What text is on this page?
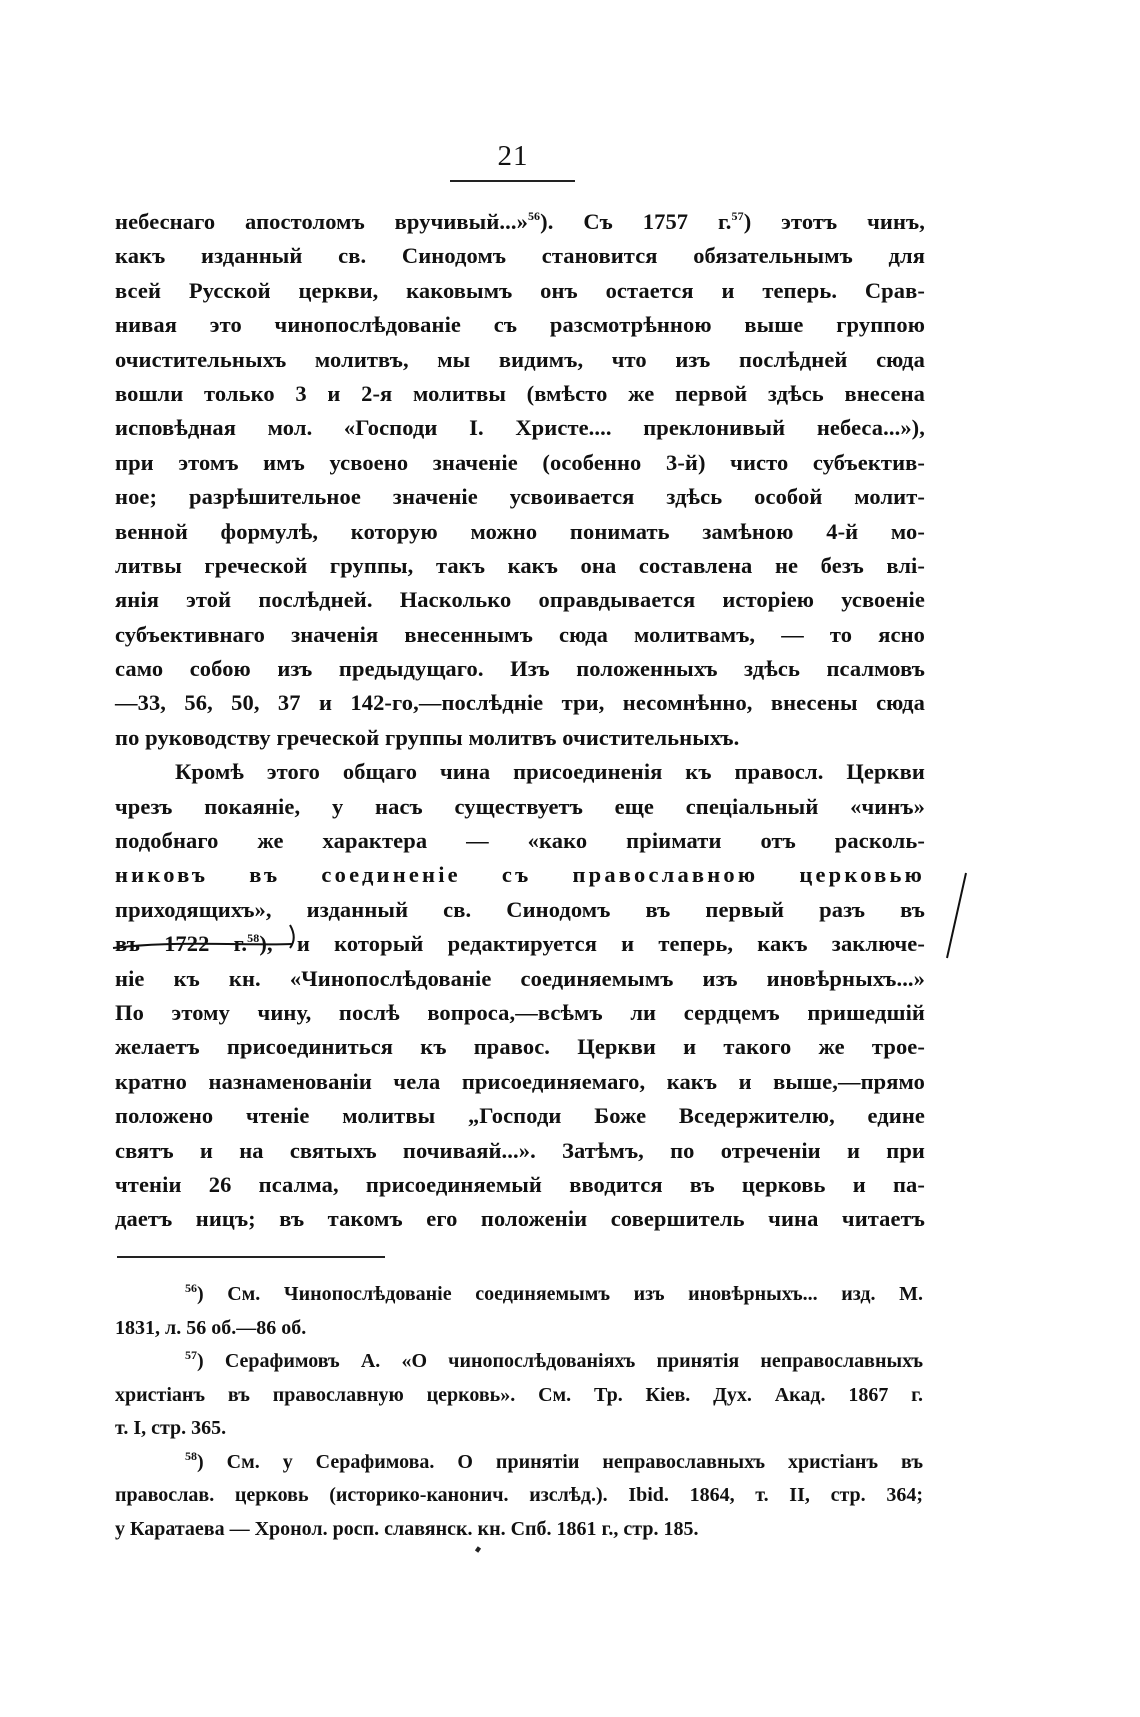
21
небеснаго апостоломъ вручивый...»$^{56}$). Съ 1757 г.$^{57}$) этотъ чинъ,
какъ изданный св. Синодомъ становится обязательнымъ для
всей Русской церкви, каковымъ онъ остается и теперь. Срав-
нивая это чинопослѣдованіе съ разсмотрѣнною выше группою
очистительныхъ молитвъ, мы видимъ, что изъ послѣдней сюда
вошли только 3 и 2-я молитвы (вмѣсто же первой здѣсь внесена
исповѣдная мол. «Господи I. Христе.... преклонивый небеса...»),
при этомъ имъ усвоено значеніе (особенно 3-й) чисто субъектив-
ное; разрѣшительное значеніе усвоивается здѣсь особой молит-
венной формулѣ, которую можно понимать замѣною 4-й мо-
литвы греческой группы, такъ какъ она составлена не безъ влі-
янія этой послѣдней. Насколько оправдывается исторіею усвоеніе
субъективнаго значенія внесеннымъ сюда молитвамъ, — то ясно
само собою изъ предыдущаго. Изъ положенныхъ здѣсь псалмовъ
—33, 56, 50, 37 и 142-го,—послѣдніе три, несомнѣнно, внесены сюда
по руководству греческой группы молитвъ очистительныхъ.
Кромѣ этого общаго чина присоединенія къ правосл. Церкви
чрезъ покаяніе, у насъ существуетъ еще спеціальный «чинъ»
подобнаго же характера — «како пріимати отъ расколь-
никовъ въ соединеніе съ православною церковью
приходящихъ», изданный св. Синодомъ въ первый разъ въ
въ 1722 г.$^{58}$), и который редактируется и теперь, какъ заключе-
ніе къ кн. «Чинопослѣдованіе соединяемымъ изъ иновѣрныхъ...»
По этому чину, послѣ вопроса,—всѣмъ ли сердцемъ пришедшій
желаетъ присоединиться къ правос. Церкви и такого же трое-
кратно назнаменованіи чела присоединяемаго, какъ и выше,—прямо
положено чтеніе молитвы „Господи Боже Вседержителю, едине
святъ и на святыхъ почиваяй...». Затѣмъ, по отреченіи и при
чтеніи 26 псалма, присоединяемый вводится въ церковь и па-
даетъ ницъ; въ такомъ его положеніи совершитель чина читаетъ
$^{56}$) См. Чинопослѣдованіе соединяемымъ изъ иновѣрныхъ... изд. М.
1831, л. 56 об.—86 об.
$^{57}$) Серафимовъ А. «О чинопослѣдованіяхъ принятія неправославныхъ
христіанъ въ православную церковь». См. Тр. Кіев. Дух. Акад. 1867 г.
т. I, стр. 365.
$^{58}$) См. у Серафимова. О принятіи неправославныхъ христіанъ въ
православ. церковь (историко-канонич. изслѣд.). Ibid. 1864, т. II, стр. 364;
у Каратаева — Хронол. росп. славянск. кн. Спб. 1861 г., стр. 185.
